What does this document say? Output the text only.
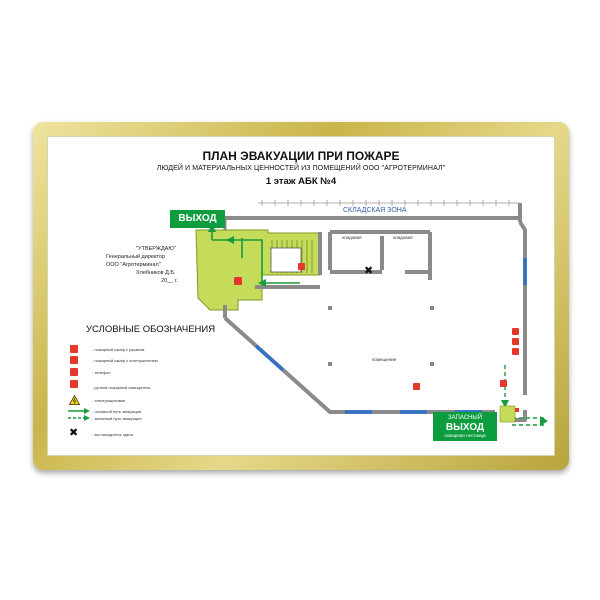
ПЛАН ЭВАКУАЦИИ ПРИ ПОЖАРЕ
ЛЮДЕЙ И МАТЕРИАЛЬНЫХ ЦЕННОСТЕЙ ИЗ ПОМЕЩЕНИЙ ООО "АГРОТЕРМИНАЛ"
1 этаж АБК №4
ВЫХОД
ЗАПАСНЫЙ
ВЫХОД
пожарная лестница
СКЛАДСКАЯ ЗОНА
кладовая	кладовая
помещение
✖
"УТВЕРЖДАЮ"
Генеральный директор
ООО "Агротерминал"
Хлебников Д.Б.
20__ г.
УСЛОВНЫЕ ОБОЗНАЧЕНИЯ
- пожарный шкаф с рукавом
- пожарный шкаф с огнетушителем
- телефон
- ручной пожарный извещатель
- электрощитовая
- основной путь эвакуации
- запасный путь эвакуации
✖	- вы находитесь здесь
